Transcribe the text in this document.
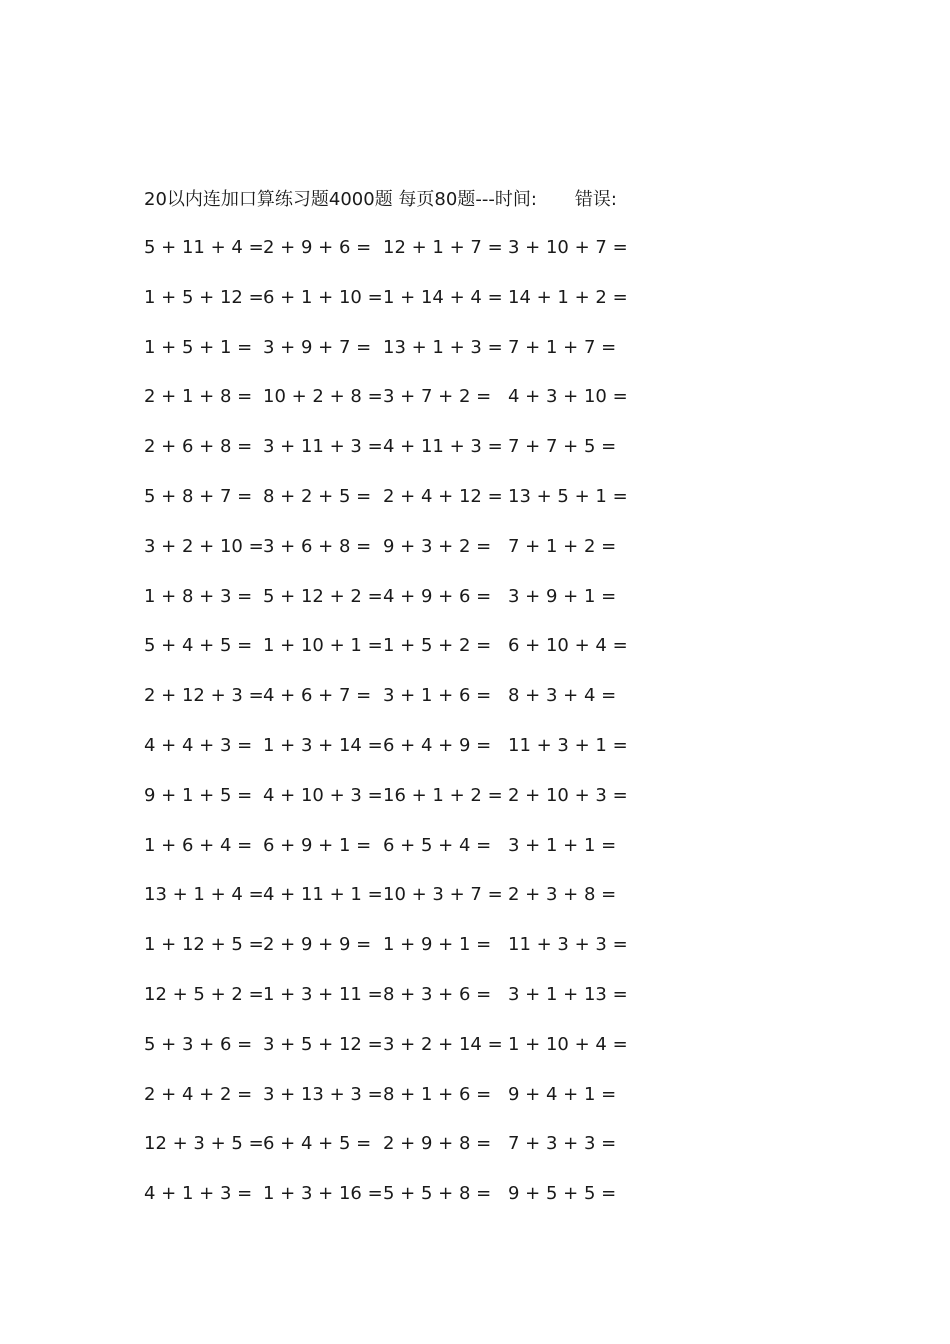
20以内连加口算练习题4000题 每页80题---时间: 错误:
5 + 11 + 4 = 2 + 9 + 6 = 12 + 1 + 7 = 3 + 10 + 7 =
1 + 5 + 12 = 6 + 1 + 10 = 1 + 14 + 4 = 14 + 1 + 2 =
1 + 5 + 1 = 3 + 9 + 7 = 13 + 1 + 3 = 7 + 1 + 7 =
2 + 1 + 8 = 10 + 2 + 8 = 3 + 7 + 2 = 4 + 3 + 10 =
2 + 6 + 8 = 3 + 11 + 3 = 4 + 11 + 3 = 7 + 7 + 5 =
5 + 8 + 7 = 8 + 2 + 5 = 2 + 4 + 12 = 13 + 5 + 1 =
3 + 2 + 10 = 3 + 6 + 8 = 9 + 3 + 2 = 7 + 1 + 2 =
1 + 8 + 3 = 5 + 12 + 2 = 4 + 9 + 6 = 3 + 9 + 1 =
5 + 4 + 5 = 1 + 10 + 1 = 1 + 5 + 2 = 6 + 10 + 4 =
2 + 12 + 3 = 4 + 6 + 7 = 3 + 1 + 6 = 8 + 3 + 4 =
4 + 4 + 3 = 1 + 3 + 14 = 6 + 4 + 9 = 11 + 3 + 1 =
9 + 1 + 5 = 4 + 10 + 3 = 16 + 1 + 2 = 2 + 10 + 3 =
1 + 6 + 4 = 6 + 9 + 1 = 6 + 5 + 4 = 3 + 1 + 1 =
13 + 1 + 4 = 4 + 11 + 1 = 10 + 3 + 7 = 2 + 3 + 8 =
1 + 12 + 5 = 2 + 9 + 9 = 1 + 9 + 1 = 11 + 3 + 3 =
12 + 5 + 2 = 1 + 3 + 11 = 8 + 3 + 6 = 3 + 1 + 13 =
5 + 3 + 6 = 3 + 5 + 12 = 3 + 2 + 14 = 1 + 10 + 4 =
2 + 4 + 2 = 3 + 13 + 3 = 8 + 1 + 6 = 9 + 4 + 1 =
12 + 3 + 5 = 6 + 4 + 5 = 2 + 9 + 8 = 7 + 3 + 3 =
4 + 1 + 3 = 1 + 3 + 16 = 5 + 5 + 8 = 9 + 5 + 5 =
